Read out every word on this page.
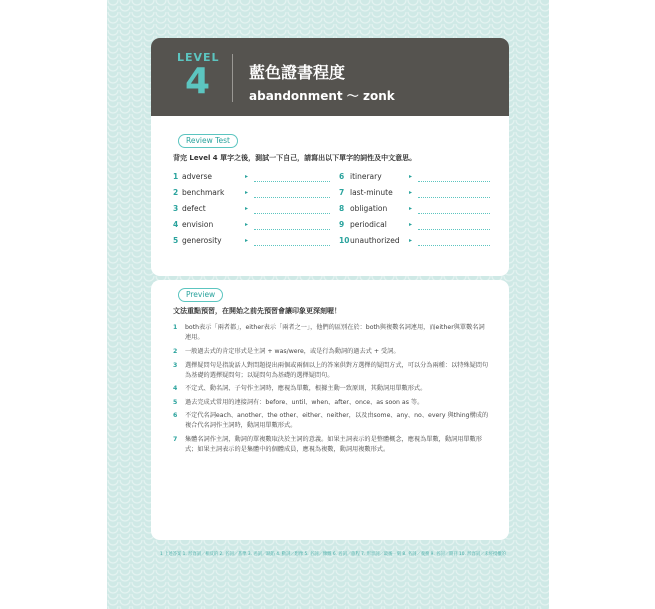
LEVEL
4 藍色證書程度
abandonment ～ zonk
Review Test
背完 Level 4 單字之後，測試一下自己，請寫出以下單字的詞性及中文意思。
1 adverse	▸
2 benchmark	▸
3 defect	▸
4 envision	▸
5 generosity	▸
6 itinerary	▸
7 last-minute	▸
8 obligation	▸
9 periodical	▸
10 unauthorized ▸
Preview
文法重點預習，在開始之前先預習會讓印象更深刻喔！
1 both表示「兩者都」，either表示「兩者之一」，他們的區別在於：both與複數名詞連用，而either與單數名詞連用。
2 一般過去式的肯定形式是主詞 + was/were，或是行為動詞的過去式 + 受詞。
3 選擇疑問句是指說話人對問題提出兩個或兩個以上的答案供對方選擇的疑問方式，可以分為兩種：以特殊疑問句為基礎的選擇疑問句；以疑問句為基礎的選擇疑問句。
4 不定式、動名詞、子句作主詞時，應視為單數，根據主動一致原則，其動詞用單數形式。
5 過去完成式常用的連接詞有：before、until、when、after、once、as soon as 等。
6 不定代名詞each、another、the other、either、neither，以及由some、any、no、every 與thing構成的複合代名詞作主詞時，動詞用單數形式。
7 集體名詞作主詞，動詞的單複數取決於主詞的意義。如果主詞表示的是整體概念，應視為單數，動詞用單數形式；如果主詞表示的是集體中的個體成員，應視為複數，動詞用複數形式。
1 上述答案 1. 形容詞／相反的 2. 名詞／基準 3. 名詞／缺陷 4. 動詞／想像 5. 名詞／慷慨 6. 名詞／旅程 7. 形容詞／最後一刻 8. 名詞／義務 9. 名詞／期刊 10. 形容詞／未經授權的
